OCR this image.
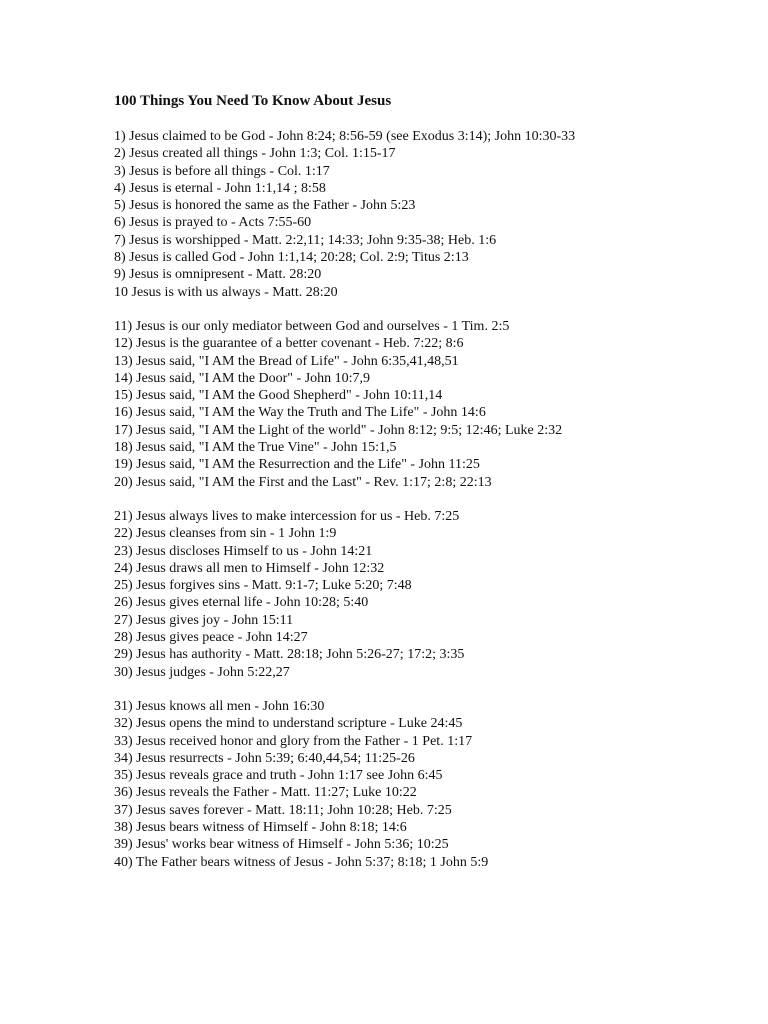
100 Things You Need To Know About Jesus
1) Jesus claimed to be God - John 8:24; 8:56-59 (see Exodus 3:14); John 10:30-33
2) Jesus created all things - John 1:3; Col. 1:15-17
3) Jesus is before all things - Col. 1:17
4) Jesus is eternal - John 1:1,14 ; 8:58
5) Jesus is honored the same as the Father - John 5:23
6) Jesus is prayed to - Acts 7:55-60
7) Jesus is worshipped - Matt. 2:2,11; 14:33; John 9:35-38; Heb. 1:6
8) Jesus is called God - John 1:1,14; 20:28; Col. 2:9; Titus 2:13
9) Jesus is omnipresent - Matt. 28:20
10 Jesus is with us always - Matt. 28:20
11) Jesus is our only mediator between God and ourselves - 1 Tim. 2:5
12) Jesus is the guarantee of a better covenant - Heb. 7:22; 8:6
13) Jesus said, "I AM the Bread of Life" - John 6:35,41,48,51
14) Jesus said, "I AM the Door" - John 10:7,9
15) Jesus said, "I AM the Good Shepherd" - John 10:11,14
16) Jesus said, "I AM the Way the Truth and The Life" - John 14:6
17) Jesus said, "I AM the Light of the world" - John 8:12; 9:5; 12:46; Luke 2:32
18) Jesus said, "I AM the True Vine" - John 15:1,5
19) Jesus said, "I AM the Resurrection and the Life" - John 11:25
20) Jesus said, "I AM the First and the Last" - Rev. 1:17; 2:8; 22:13
21) Jesus always lives to make intercession for us - Heb. 7:25
22) Jesus cleanses from sin - 1 John 1:9
23) Jesus discloses Himself to us - John 14:21
24) Jesus draws all men to Himself - John 12:32
25) Jesus forgives sins - Matt. 9:1-7; Luke 5:20; 7:48
26) Jesus gives eternal life - John 10:28; 5:40
27) Jesus gives joy - John 15:11
28) Jesus gives peace - John 14:27
29) Jesus has authority - Matt. 28:18; John 5:26-27; 17:2; 3:35
30) Jesus judges - John 5:22,27
31) Jesus knows all men - John 16:30
32) Jesus opens the mind to understand scripture - Luke 24:45
33) Jesus received honor and glory from the Father - 1 Pet. 1:17
34) Jesus resurrects - John 5:39; 6:40,44,54; 11:25-26
35) Jesus reveals grace and truth - John 1:17 see John 6:45
36) Jesus reveals the Father - Matt. 11:27; Luke 10:22
37) Jesus saves forever - Matt. 18:11; John 10:28; Heb. 7:25
38) Jesus bears witness of Himself - John 8:18; 14:6
39) Jesus' works bear witness of Himself - John 5:36; 10:25
40) The Father bears witness of Jesus - John 5:37; 8:18; 1 John 5:9
